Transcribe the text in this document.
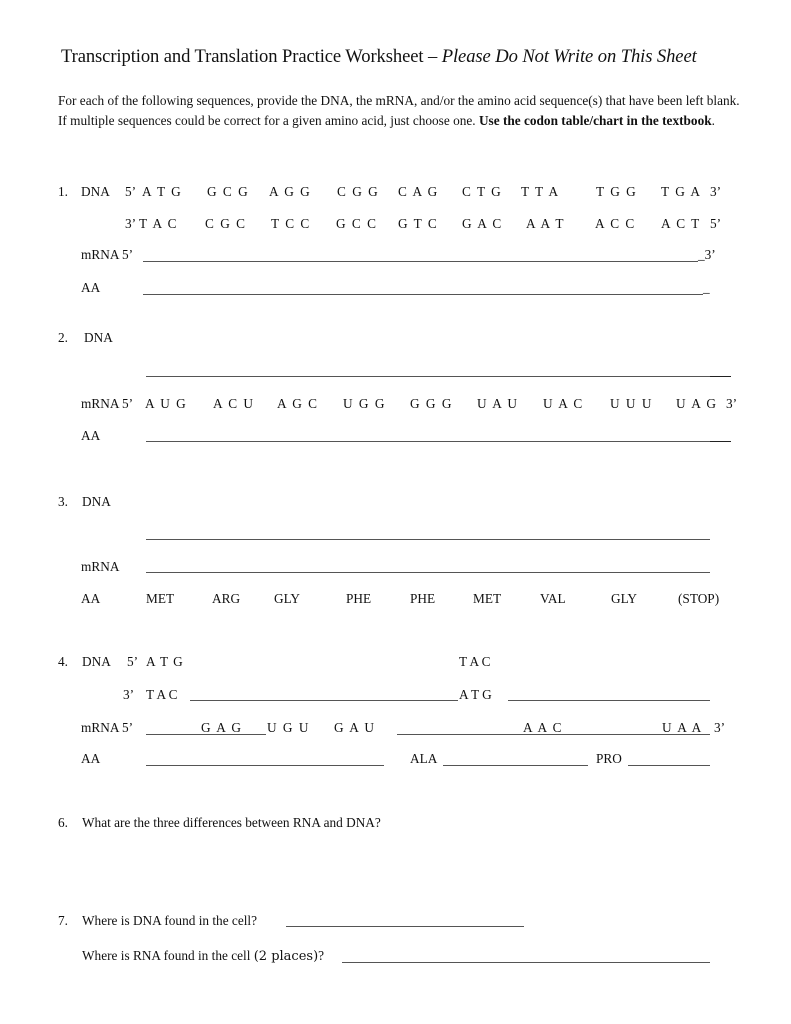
Transcription and Translation Practice Worksheet – Please Do Not Write on This Sheet
For each of the following sequences, provide the DNA, the mRNA, and/or the amino acid sequence(s) that have been left blank. If multiple sequences could be correct for a given amino acid, just choose one. Use the codon table/chart in the textbook.
1. DNA 5’ A T G G C G A G G C G G C A G C T G T T A	T G G T G A 3’
3’ T A C C G C T C C G C C G T C G A C A A T A C C A C T 5’
mRNA 5’	_3’
AA	_
2. DNA
mRNA 5’ A U G A C U A G C U G G G G G U A U U A C U U U U A G 3’
AA
3. DNA
mRNA
AA	MET	ARG	GLY	PHE	PHE	MET	VAL	GLY	(STOP)
4. DNA 5’ A T G	T A C
3’ T A C	A T G
mRNA 5’	G A G U G U G A U	A A C	U A A 3’
AA	ALA	PRO
6. What are the three differences between RNA and DNA?
7. Where is DNA found in the cell?
Where is RNA found in the cell (2 places)?
